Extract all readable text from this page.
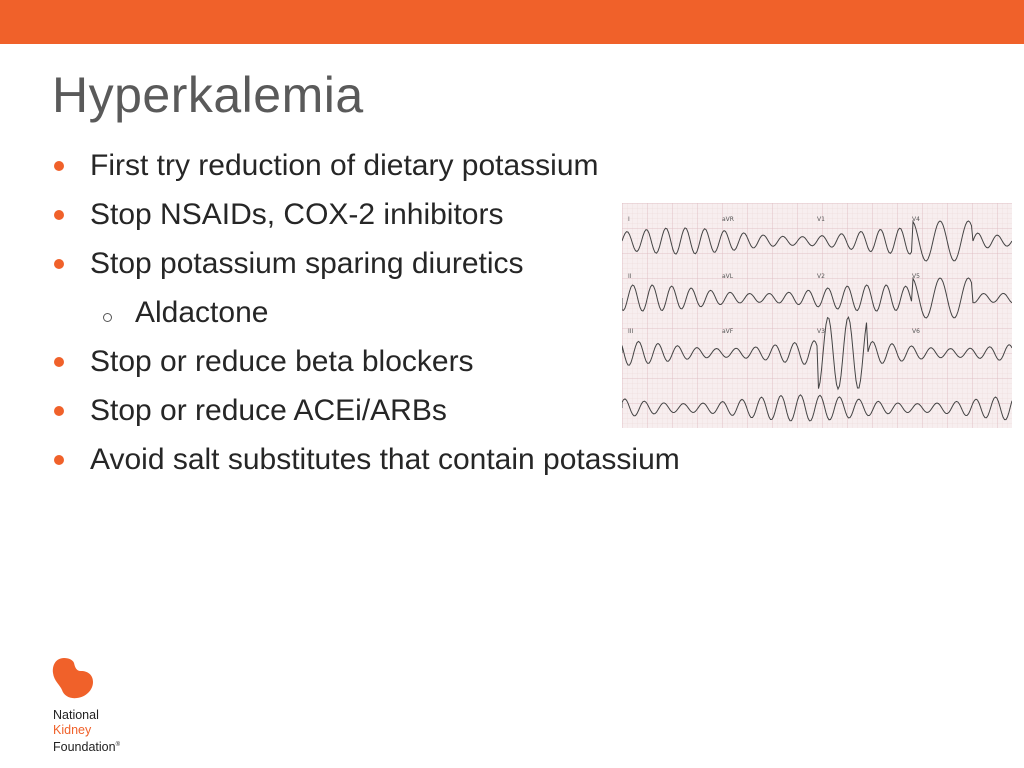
Hyperkalemia
First try reduction of dietary potassium
Stop NSAIDs, COX-2 inhibitors
Stop potassium sparing diuretics
Aldactone
Stop or reduce beta blockers
Stop or reduce ACEi/ARBs
Avoid salt substitutes that contain potassium
I	aVR	V1	V4
II	aVL	V2	V5
III	aVF	V3	V6
National
Kidney
Foundation®
